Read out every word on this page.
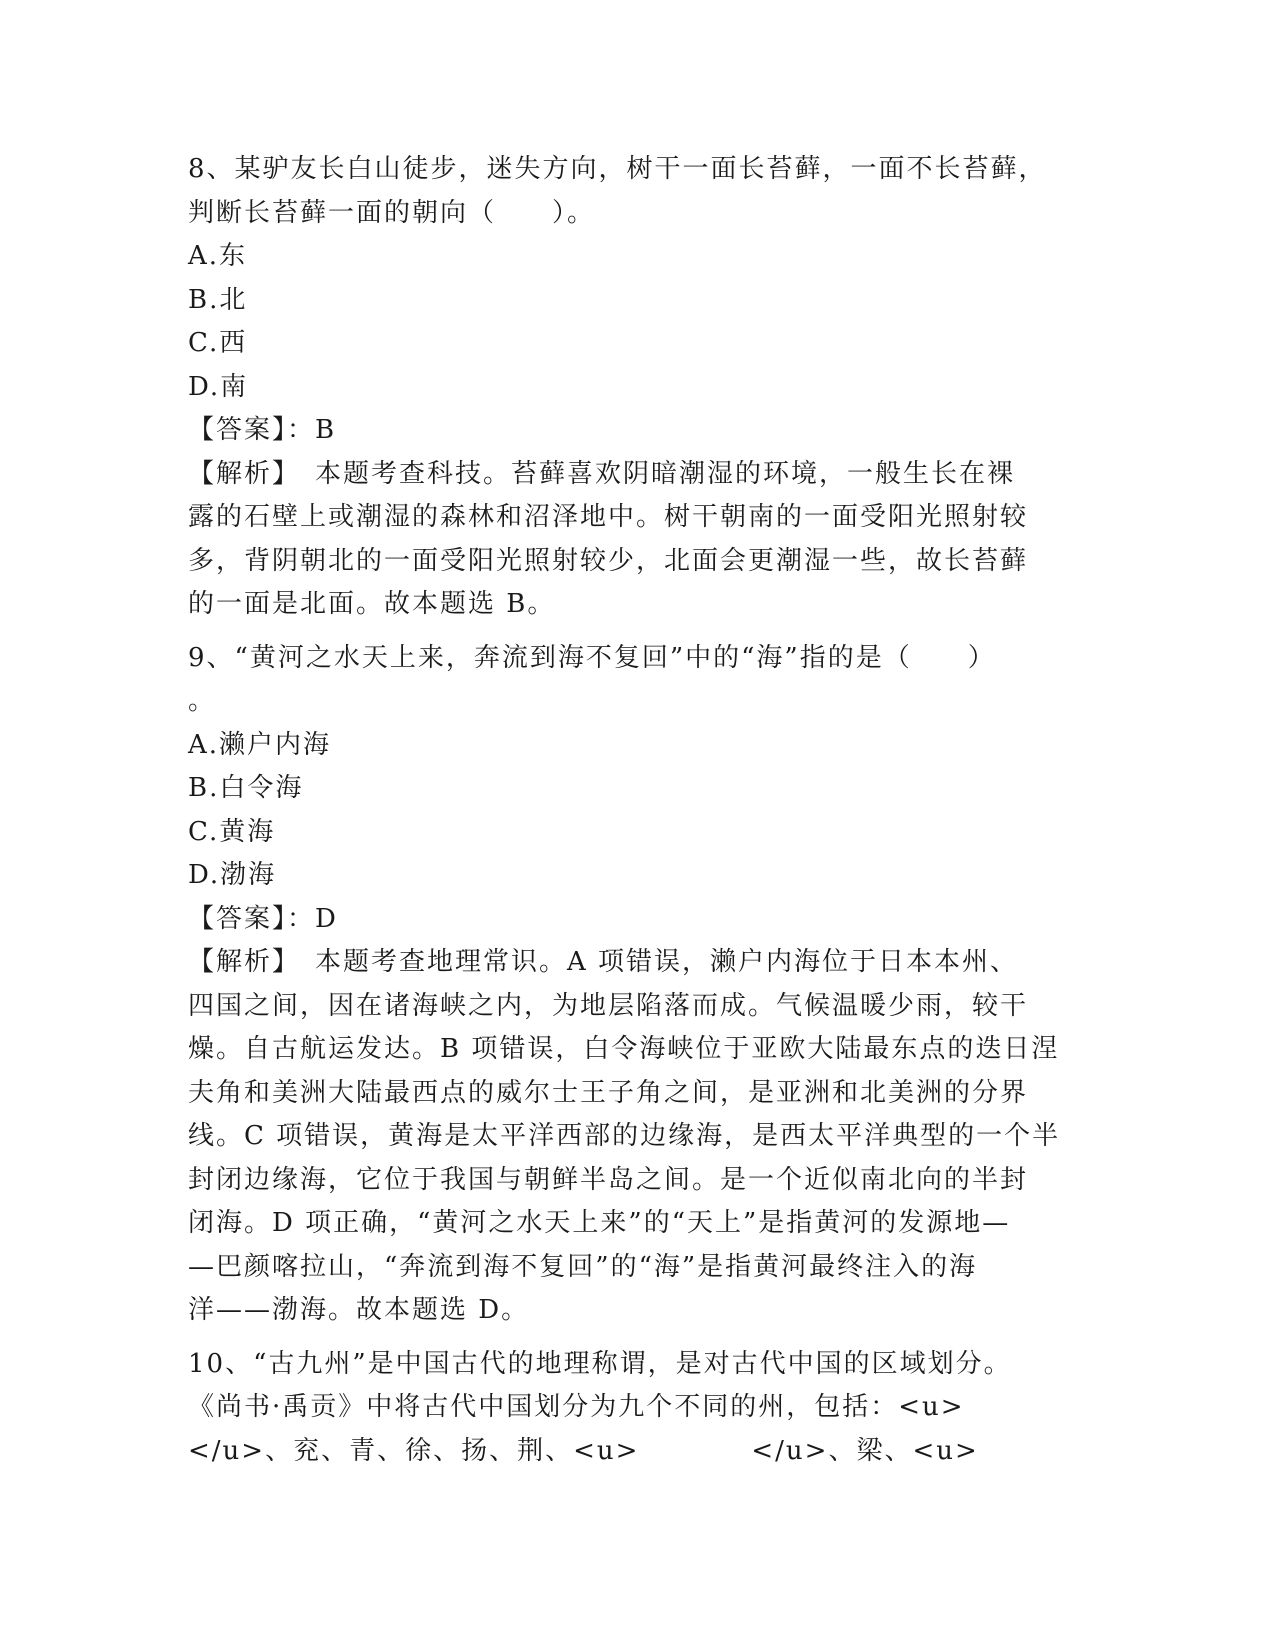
8、某驴友长白山徒步，迷失方向，树干一面长苔藓，一面不长苔藓，
判断长苔藓一面的朝向（　　）。
A.东
B.北
C.西
D.南
【答案】：B
【解析】　本题考查科技。苔藓喜欢阴暗潮湿的环境，一般生长在裸
露的石壁上或潮湿的森林和沼泽地中。树干朝南的一面受阳光照射较
多，背阴朝北的一面受阳光照射较少，北面会更潮湿一些，故长苔藓
的一面是北面。故本题选 B。
9、“黄河之水天上来，奔流到海不复回”中的“海”指的是（　　）
。
A.濑户内海
B.白令海
C.黄海
D.渤海
【答案】：D
【解析】　本题考查地理常识。A 项错误，濑户内海位于日本本州、
四国之间，因在诸海峡之内，为地层陷落而成。气候温暖少雨，较干
燥。自古航运发达。B 项错误，白令海峡位于亚欧大陆最东点的迭日涅
夫角和美洲大陆最西点的威尔士王子角之间，是亚洲和北美洲的分界
线。C 项错误，黄海是太平洋西部的边缘海，是西太平洋典型的一个半
封闭边缘海，它位于我国与朝鲜半岛之间。是一个近似南北向的半封
闭海。D 项正确，“黄河之水天上来”的“天上”是指黄河的发源地—
—巴颜喀拉山，“奔流到海不复回”的“海”是指黄河最终注入的海
洋——渤海。故本题选 D。
10、“古九州”是中国古代的地理称谓，是对古代中国的区域划分。
《尚书·禹贡》中将古代中国划分为九个不同的州，包括：<u>
</u>、兖、青、徐、扬、荆、<u>　　　　</u>、梁、<u>
